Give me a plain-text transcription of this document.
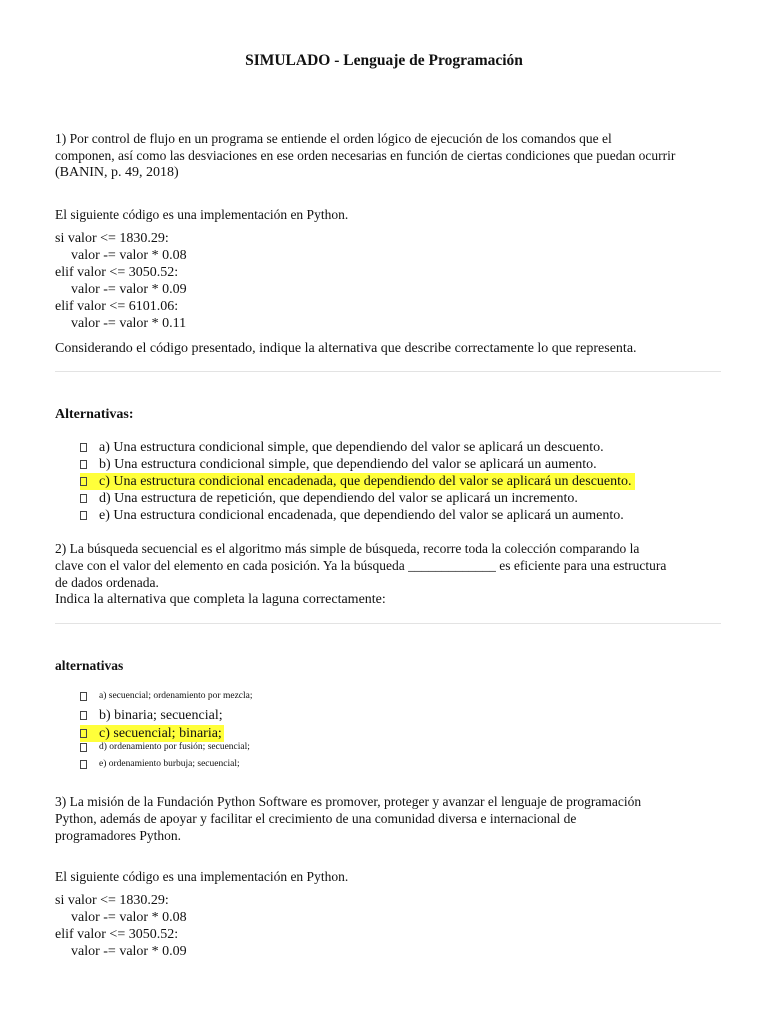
SIMULADO - Lenguaje de Programación
1) Por control de flujo en un programa se entiende el orden lógico de ejecución de los comandos que el
componen, así como las desviaciones en ese orden necesarias en función de ciertas condiciones que puedan ocurrir
(BANIN, p. 49, 2018)
El siguiente código es una implementación en Python.
si valor <= 1830.29:
valor -= valor * 0.08
elif valor <= 3050.52:
valor -= valor * 0.09
elif valor <= 6101.06:
valor -= valor * 0.11
Considerando el código presentado, indique la alternativa que describe correctamente lo que representa.
Alternativas:
a) Una estructura condicional simple, que dependiendo del valor se aplicará un descuento.
b) Una estructura condicional simple, que dependiendo del valor se aplicará un aumento.
c) Una estructura condicional encadenada, que dependiendo del valor se aplicará un descuento.
d) Una estructura de repetición, que dependiendo del valor se aplicará un incremento.
e) Una estructura condicional encadenada, que dependiendo del valor se aplicará un aumento.
2) La búsqueda secuencial es el algoritmo más simple de búsqueda, recorre toda la colección comparando la
clave con el valor del elemento en cada posición. Ya la búsqueda _____________ es eficiente para una estructura
de dados ordenada.
Indica la alternativa que completa la laguna correctamente:
alternativas
a) secuencial; ordenamiento por mezcla;
b) binaria; secuencial;
c) secuencial; binaria;
d) ordenamiento por fusión; secuencial;
e) ordenamiento burbuja; secuencial;
3) La misión de la Fundación Python Software es promover, proteger y avanzar el lenguaje de programación
Python, además de apoyar y facilitar el crecimiento de una comunidad diversa e internacional de
programadores Python.
El siguiente código es una implementación en Python.
si valor <= 1830.29:
valor -= valor * 0.08
elif valor <= 3050.52:
valor -= valor * 0.09
